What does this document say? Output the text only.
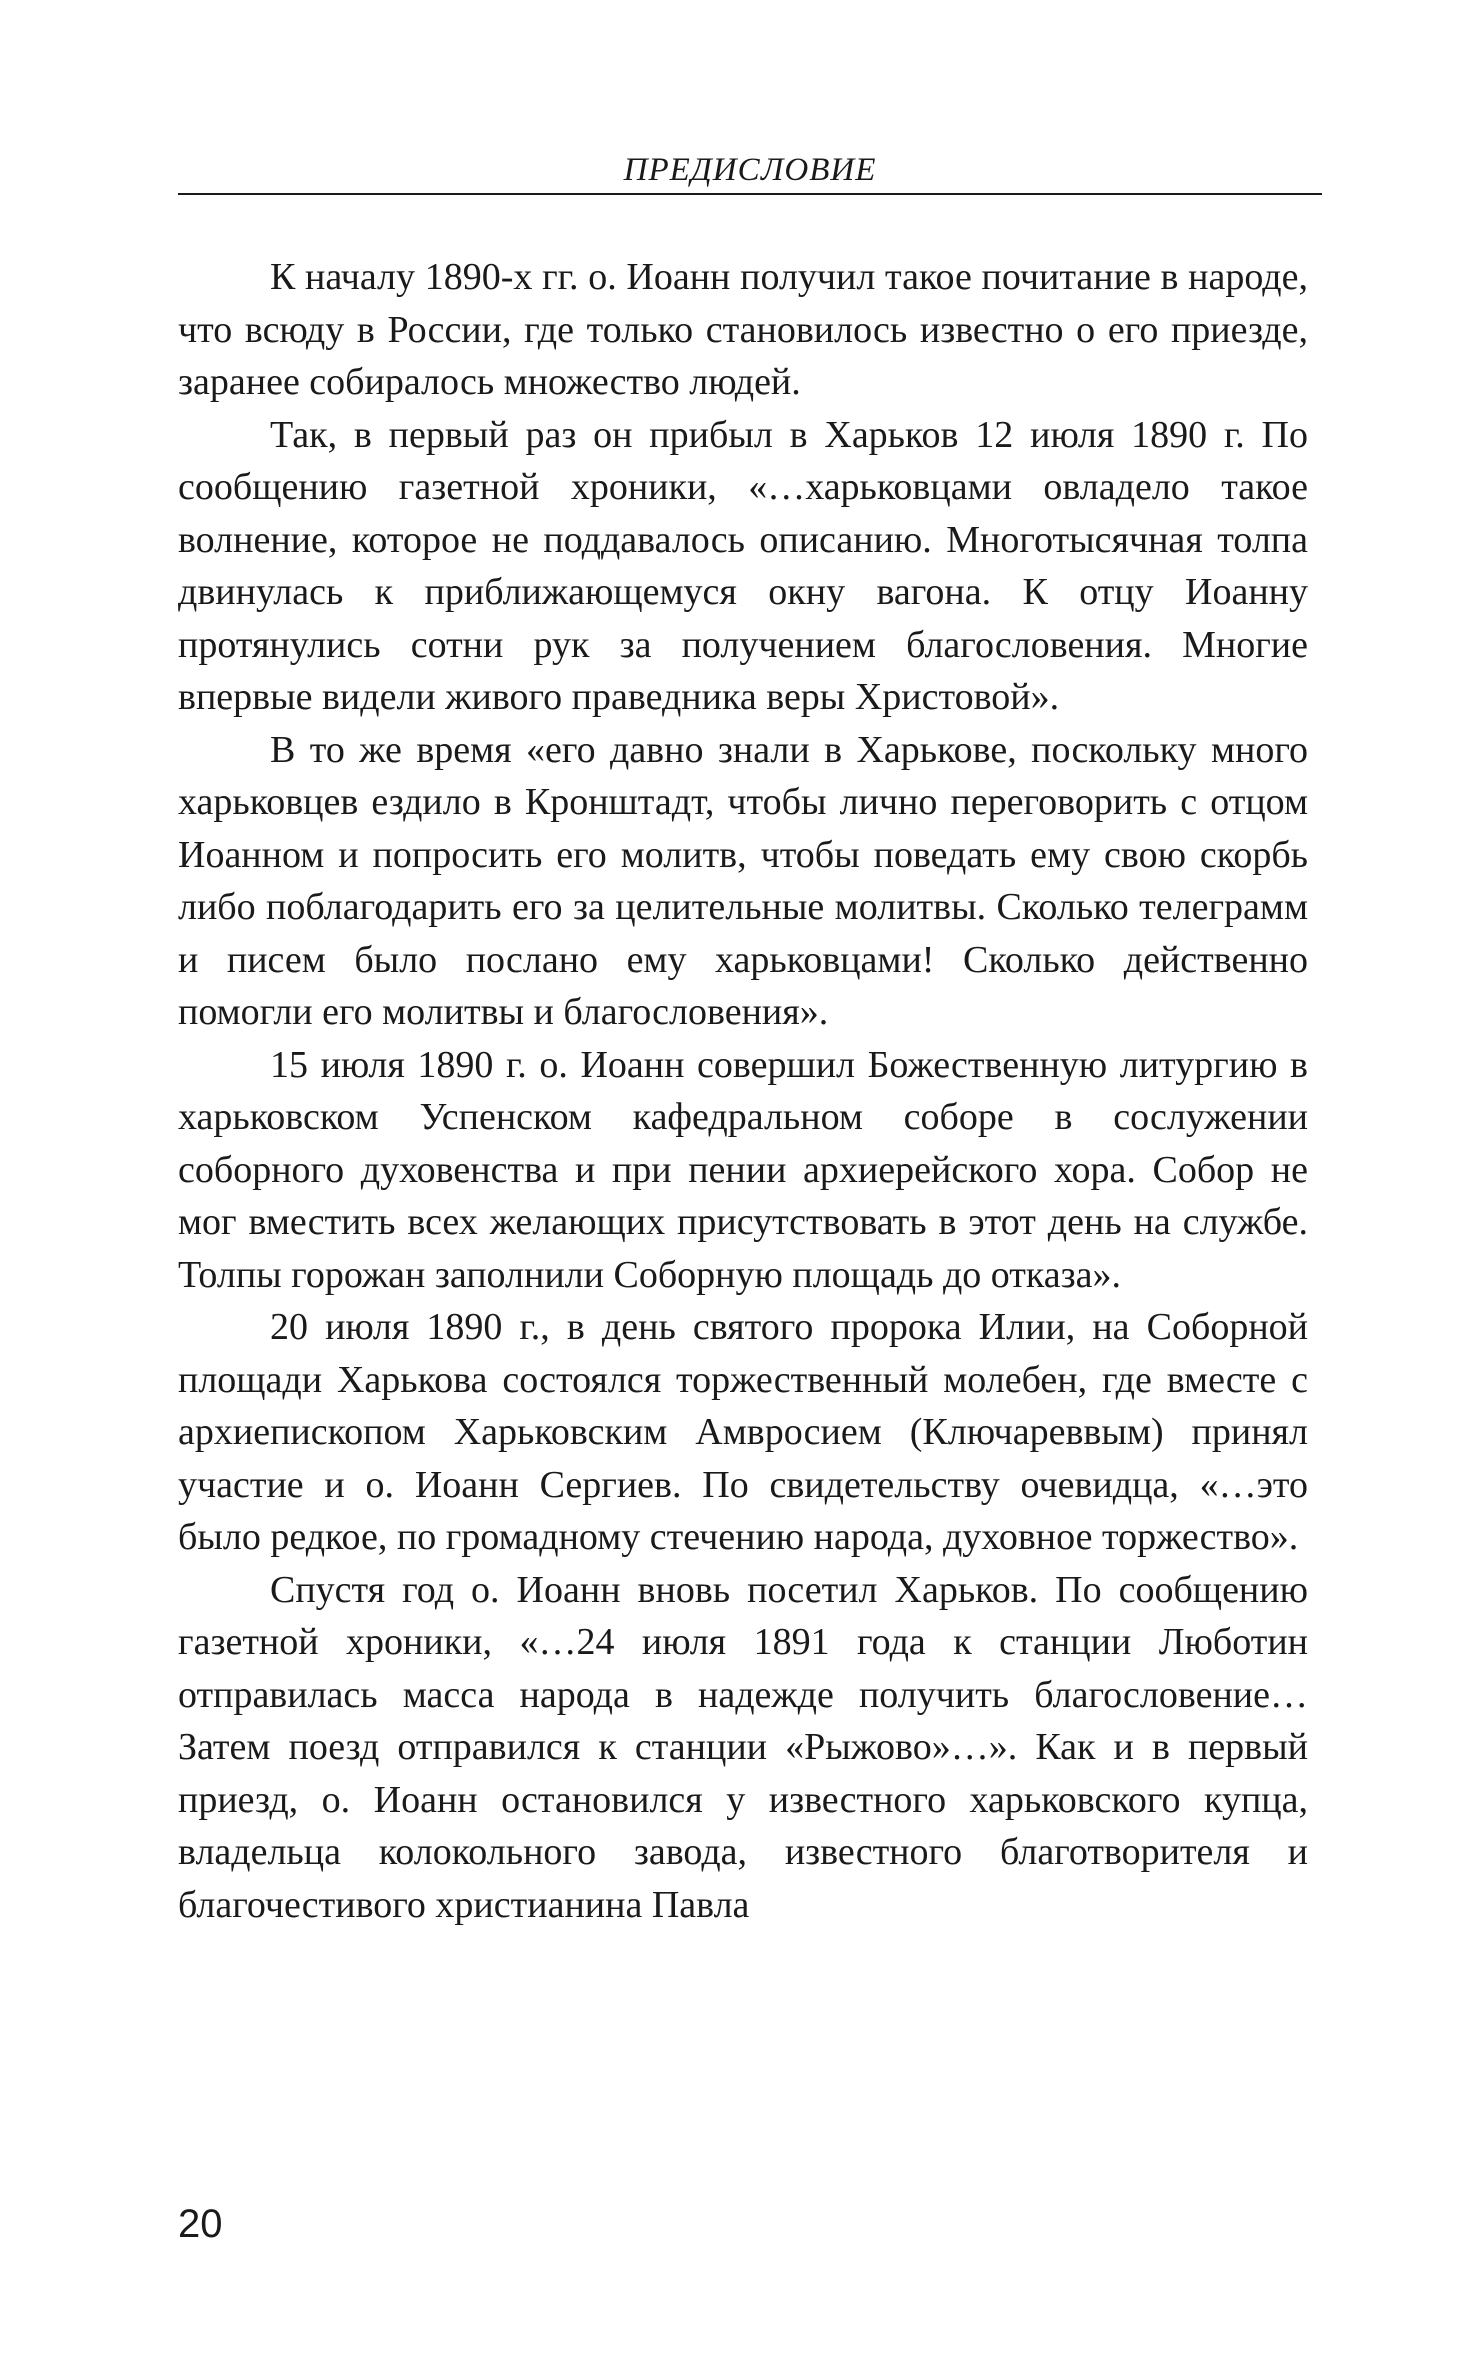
ПРЕДИСЛОВИЕ

К началу 1890-х гг. о. Иоанн получил такое почитание в народе, что всюду в России, где только становилось известно о его приезде, заранее собиралось множество людей.

Так, в первый раз он прибыл в Харьков 12 июля 1890 г. По сообщению газетной хроники, «…харьковцами овладело такое волнение, которое не поддавалось описанию. Многотысячная толпа двинулась к приближающемуся окну вагона. К отцу Иоанну протянулись сотни рук за получением благословения. Многие впервые видели живого праведника веры Христовой».

В то же время «его давно знали в Харькове, поскольку много харьковцев ездило в Кронштадт, чтобы лично переговорить с отцом Иоанном и попросить его молитв, чтобы поведать ему свою скорбь либо поблагодарить его за целительные молитвы. Сколько телеграмм и писем было послано ему харьковцами! Сколько действенно помогли его молитвы и благословения».

15 июля 1890 г. о. Иоанн совершил Божественную литургию в харьковском Успенском кафедральном соборе в сослужении соборного духовенства и при пении архиерейского хора. Собор не мог вместить всех желающих присутствовать в этот день на службе. Толпы горожан заполнили Соборную площадь до отказа».

20 июля 1890 г., в день святого пророка Илии, на Соборной площади Харькова состоялся торжественный молебен, где вместе с архиепископом Харьковским Амвросием (Ключареввым) принял участие и о. Иоанн Сергиев. По свидетельству очевидца, «…это было редкое, по громадному стечению народа, духовное торжество».

Спустя год о. Иоанн вновь посетил Харьков. По сообщению газетной хроники, «…24 июля 1891 года к станции Люботин отправилась масса народа в надежде получить благословение… Затем поезд отправился к станции «Рыжово»…». Как и в первый приезд, о. Иоанн остановился у известного харьковского купца, владельца колокольного завода, известного благотворителя и благочестивого христианина Павла

20
